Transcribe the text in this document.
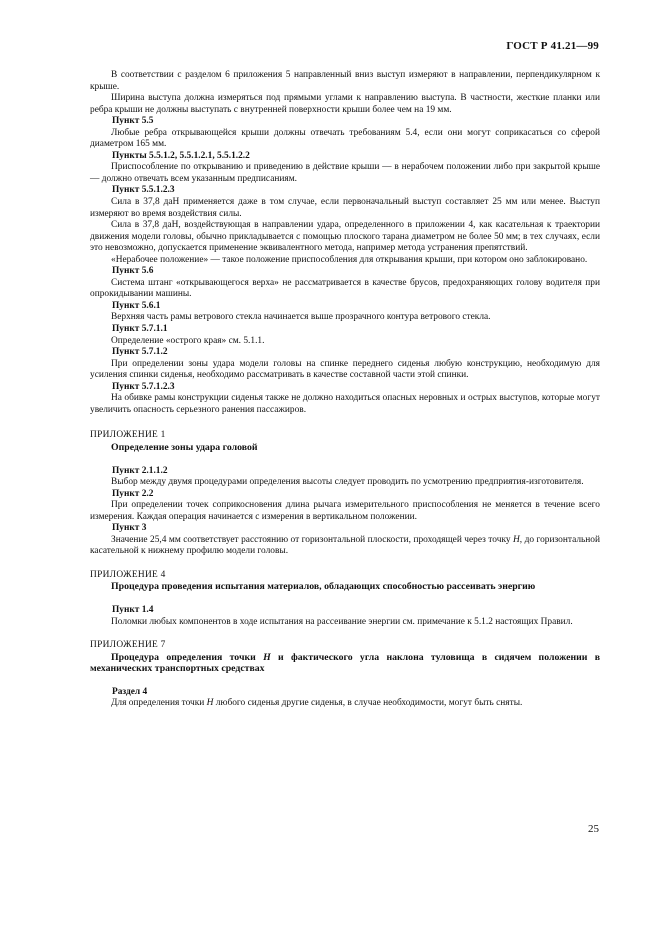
ГОСТ Р 41.21—99

В соответствии с разделом 6 приложения 5 направленный вниз выступ измеряют в направлении, перпендикулярном к крыше.

Ширина выступа должна измеряться под прямыми углами к направлению выступа. В частности, жесткие планки или ребра крыши не должны выступать с внутренней поверхности крыши более чем на 19 мм.

Пункт 5.5

Любые ребра открывающейся крыши должны отвечать требованиям 5.4, если они могут соприкасаться со сферой диаметром 165 мм.

Пункты 5.5.1.2, 5.5.1.2.1, 5.5.1.2.2

Приспособление по открыванию и приведению в действие крыши — в нерабочем положении либо при закрытой крыше — должно отвечать всем указанным предписаниям.

Пункт 5.5.1.2.3

Сила в 37,8 даН применяется даже в том случае, если первоначальный выступ составляет 25 мм или менее. Выступ измеряют во время воздействия силы.

Сила в 37,8 даН, воздействующая в направлении удара, определенного в приложении 4, как касательная к траектории движения модели головы, обычно прикладывается с помощью плоского тарана диаметром не более 50 мм; в тех случаях, если это невозможно, допускается применение эквивалентного метода, например метода устранения препятствий.

«Нерабочее положение» — такое положение приспособления для открывания крыши, при котором оно заблокировано.

Пункт 5.6

Система штанг «открывающегося верха» не рассматривается в качестве брусов, предохраняющих голову водителя при опрокидывании машины.

Пункт 5.6.1

Верхняя часть рамы ветрового стекла начинается выше прозрачного контура ветрового стекла.

Пункт 5.7.1.1

Определение «острого края» см. 5.1.1.

Пункт 5.7.1.2

При определении зоны удара модели головы на спинке переднего сиденья любую конструкцию, необходимую для усиления спинки сиденья, необходимо рассматривать в качестве составной части этой спинки.

Пункт 5.7.1.2.3

На обивке рамы конструкции сиденья также не должно находиться опасных неровных и острых выступов, которые могут увеличить опасность серьезного ранения пассажиров.

ПРИЛОЖЕНИЕ 1

Определение зоны удара головой

Пункт 2.1.1.2

Выбор между двумя процедурами определения высоты следует проводить по усмотрению предприятия-изготовителя.

Пункт 2.2

При определении точек соприкосновения длина рычага измерительного приспособления не меняется в течение всего измерения. Каждая операция начинается с измерения в вертикальном положении.

Пункт 3

Значение 25,4 мм соответствует расстоянию от горизонтальной плоскости, проходящей через точку Н, до горизонтальной касательной к нижнему профилю модели головы.

ПРИЛОЖЕНИЕ 4

Процедура проведения испытания материалов, обладающих способностью рассеивать энергию

Пункт 1.4

Поломки любых компонентов в ходе испытания на рассеивание энергии см. примечание к 5.1.2 настоящих Правил.

ПРИЛОЖЕНИЕ 7

Процедура определения точки Н и фактического угла наклона туловища в сидячем положении в механических транспортных средствах

Раздел 4

Для определения точки Н любого сиденья другие сиденья, в случае необходимости, могут быть сняты.

25
